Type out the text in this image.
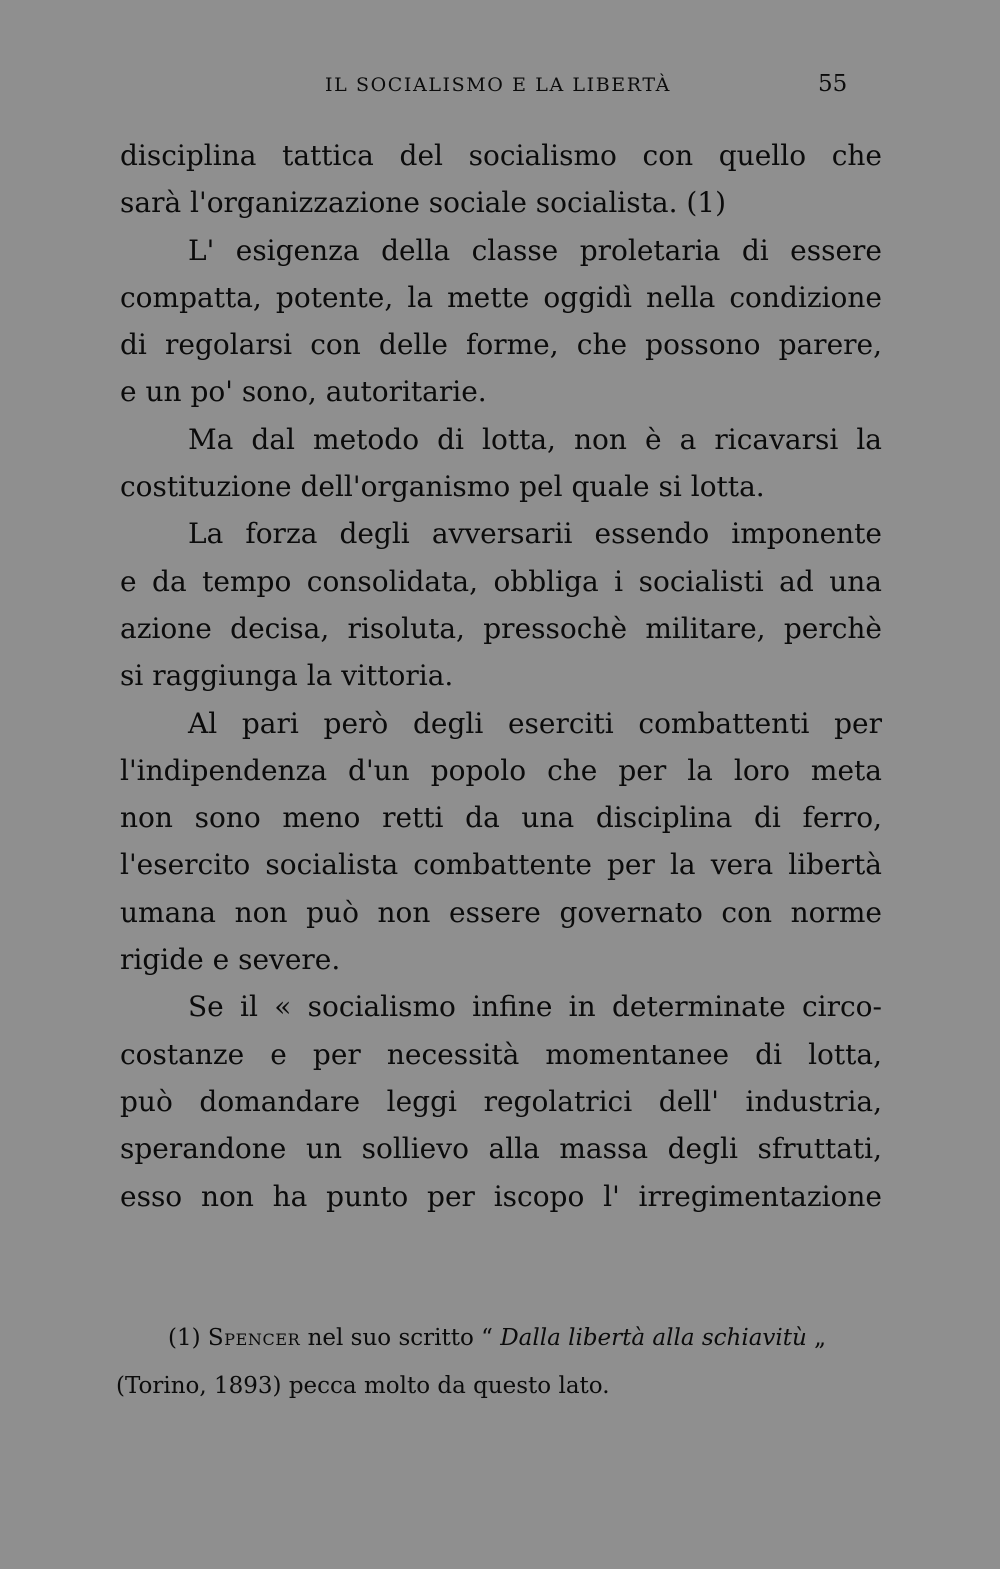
IL SOCIALISMO E LA LIBERTÀ	55
disciplina tattica del socialismo con quello che
sarà l'organizzazione sociale socialista. (1)
L' esigenza della classe proletaria di essere
compatta, potente, la mette oggidì nella condizione
di regolarsi con delle forme, che possono parere,
e un po' sono, autoritarie.
Ma dal metodo di lotta, non è a ricavarsi la
costituzione dell'organismo pel quale si lotta.
La forza degli avversarii essendo imponente
e da tempo consolidata, obbliga i socialisti ad una
azione decisa, risoluta, pressochè militare, perchè
si raggiunga la vittoria.
Al pari però degli eserciti combattenti per
l'indipendenza d'un popolo che per la loro meta
non sono meno retti da una disciplina di ferro,
l'esercito socialista combattente per la vera libertà
umana non può non essere governato con norme
rigide e severe.
Se il « socialismo infine in determinate circo-
costanze e per necessità momentanee di lotta,
può domandare leggi regolatrici dell' industria,
sperandone un sollievo alla massa degli sfruttati,
esso non ha punto per iscopo l' irregimentazione
(1) Spencer nel suo scritto “ Dalla libertà alla schiavitù „
(Torino, 1893) pecca molto da questo lato.
